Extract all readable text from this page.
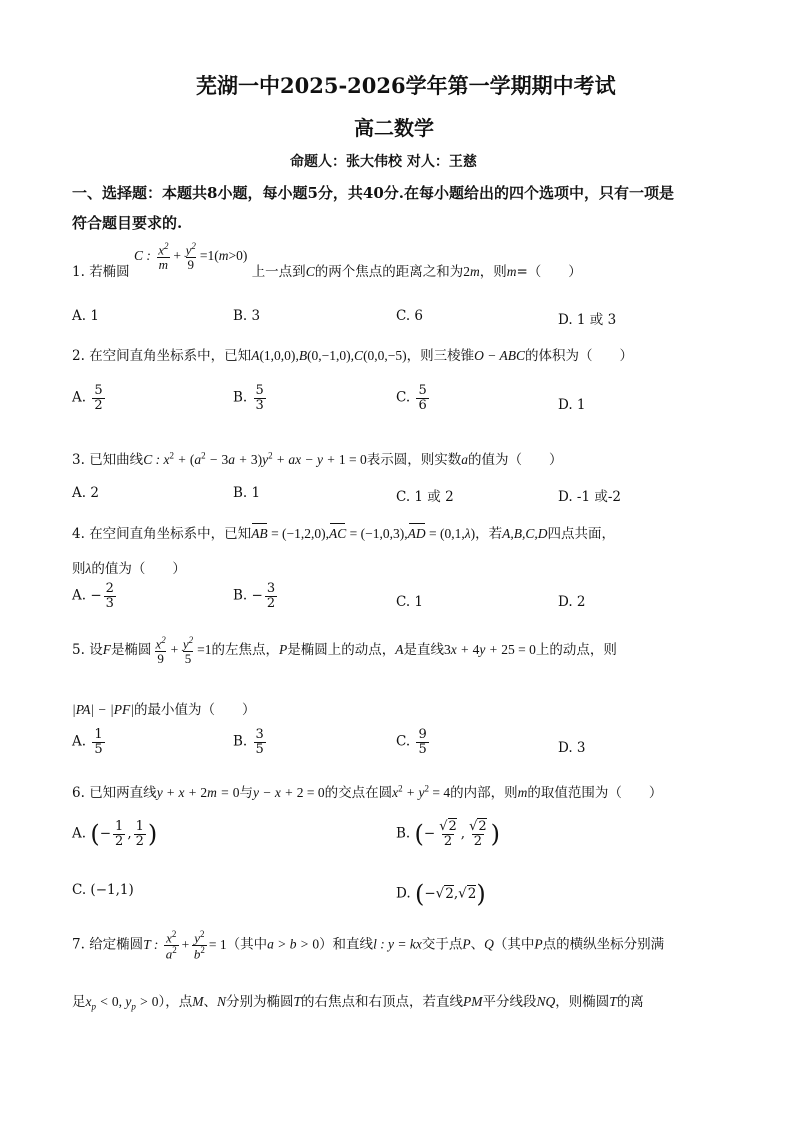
芜湖一中2025-2026学年第一学期期中考试
高二数学
命题人：张大伟校 对人：王慈
一、选择题：本题共8小题，每小题5分，共40分.在每小题给出的四个选项中，只有一项是
符合题目要求的.
1. 若椭圆 C : $\frac{x^2}{m} + \frac{y^2}{9} =1(m>0)$ 上一点到C的两个焦点的距离之和为2m，则m=（　　）
A. 1	B. 3	C. 6	D. 1 或 3
2. 在空间直角坐标系中，已知A(1,0,0),B(0,−1,0),C(0,0,−5)，则三棱锥O − ABC的体积为（　　）
A. $\frac{5}{2}$	B. $\frac{5}{3}$	C. $\frac{5}{6}$	D. 1
3. 已知曲线C : $x^2 + (a^2 - 3a + 3)y^2$ + ax − y + 1 = 0表示圆，则实数a的值为（　　）
A. 2	B. 1	C. 1 或 2	D. -1 或-2
4. 在空间直角坐标系中，已知AB = (−1,2,0),AC = (−1,0,3),AD = (0,1,λ)，若A,B,C,D四点共面，
则λ的值为（　　）
A. − $\frac{2}{3}$	B. − $\frac{3}{2}$	C. 1	D. 2
5. 设F是椭圆 $\frac{x^2}{9} + \frac{y^2}{5} =1$的左焦点，P是椭圆上的动点，A是直线3x + 4y + 25 = 0上的动点，则
|PA| − |PF|的最小值为（　　）
A. $\frac{1}{5}$	B. $\frac{3}{5}$	C. $\frac{9}{5}$	D. 3
6. 已知两直线y + x + 2m = 0与y − x + 2 = 0的交点在圆$x^2 + y^2 = 4$的内部，则m的取值范围为（　　）
A. (− $\frac{1}{2}$ , $\frac{1}{2}$ )	B. (− $\frac{√2}{2}$ , $\frac{√2}{2}$ )
C. (−1,1)	D. (−√2,√2)
7. 给定椭圆T : $\frac{x^2}{a^2} + \frac{y^2}{b^2} = 1$（其中a > b > 0）和直线l : y = kx交于点P、Q（其中P点的横纵坐标分别满
足$x_p < 0$, $y_p > 0$），点M、N分别为椭圆T的右焦点和右顶点，若直线PM平分线段NQ，则椭圆T的离
